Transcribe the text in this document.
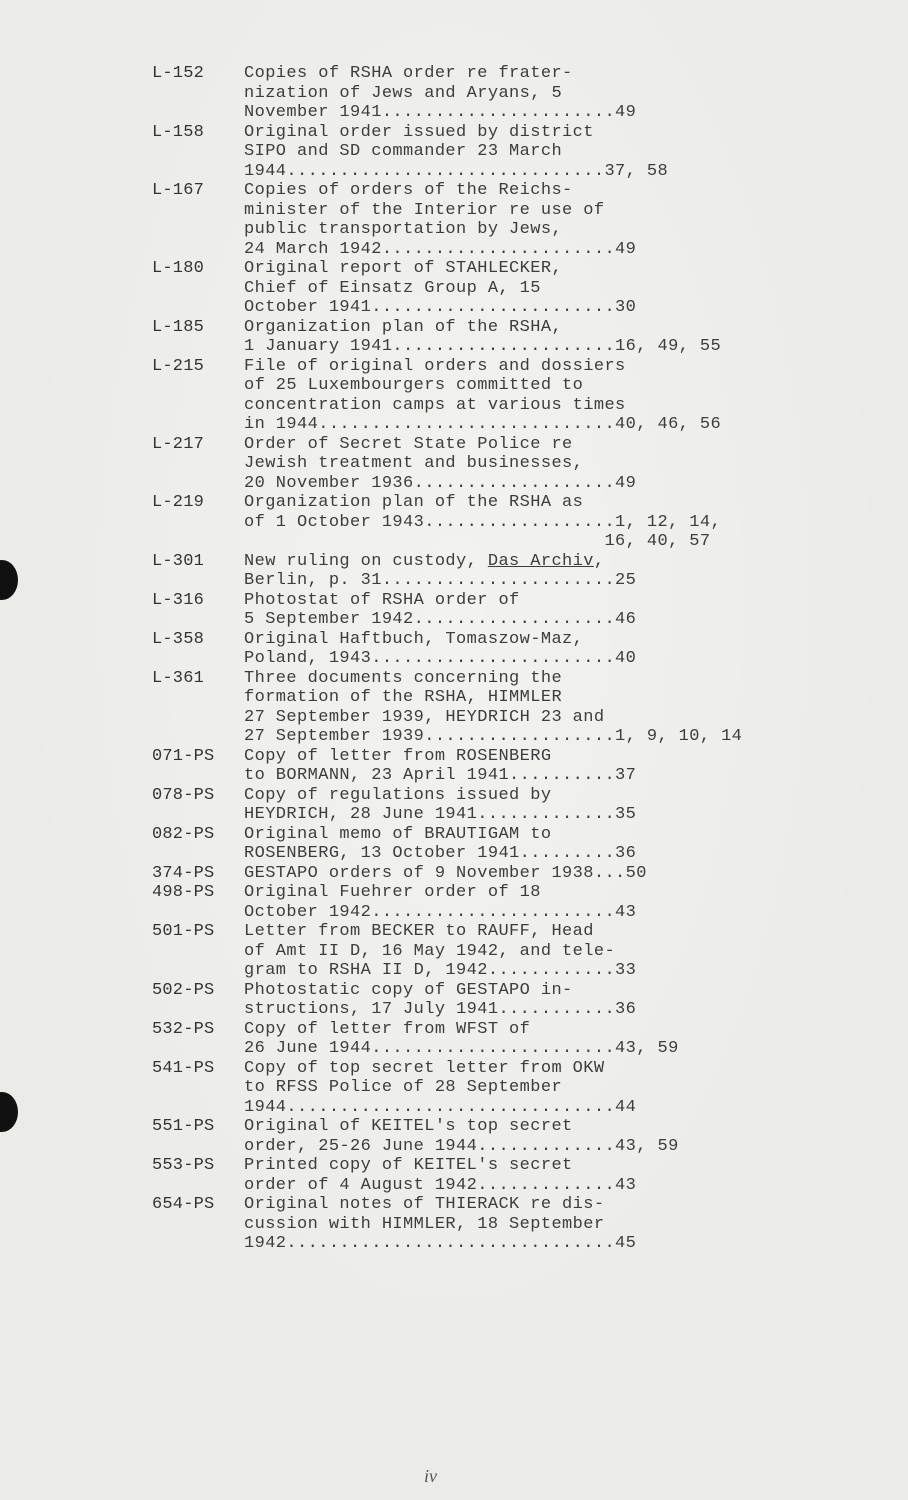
L-152	Copies of RSHA order re frater-
nization of Jews and Aryans, 5
November 1941......................49
L-158	Original order issued by district
SIPO and SD commander 23 March
1944..............................37, 58
L-167	Copies of orders of the Reichs-
minister of the Interior re use of
public transportation by Jews,
24 March 1942......................49
L-180	Original report of STAHLECKER,
Chief of Einsatz Group A, 15
October 1941.......................30
L-185	Organization plan of the RSHA,
1 January 1941.....................16, 49, 55
L-215	File of original orders and dossiers
of 25 Luxembourgers committed to
concentration camps at various times
in 1944............................40, 46, 56
L-217	Order of Secret State Police re
Jewish treatment and businesses,
20 November 1936...................49
L-219	Organization plan of the RSHA as
of 1 October 1943..................1, 12, 14,
16, 40, 57
L-301	New ruling on custody, Das Archiv,
Berlin, p. 31......................25
L-316	Photostat of RSHA order of
5 September 1942...................46
L-358	Original Haftbuch, Tomaszow-Maz,
Poland, 1943.......................40
L-361	Three documents concerning the
formation of the RSHA, HIMMLER
27 September 1939, HEYDRICH 23 and
27 September 1939..................1, 9, 10, 14
071-PS	Copy of letter from ROSENBERG
to BORMANN, 23 April 1941..........37
078-PS	Copy of regulations issued by
HEYDRICH, 28 June 1941.............35
082-PS	Original memo of BRAUTIGAM to
ROSENBERG, 13 October 1941.........36
374-PS	GESTAPO orders of 9 November 1938...50
498-PS	Original Fuehrer order of 18
October 1942.......................43
501-PS	Letter from BECKER to RAUFF, Head
of Amt II D, 16 May 1942, and tele-
gram to RSHA II D, 1942............33
502-PS	Photostatic copy of GESTAPO in-
structions, 17 July 1941...........36
532-PS	Copy of letter from WFST of
26 June 1944.......................43, 59
541-PS	Copy of top secret letter from OKW
to RFSS Police of 28 September
1944...............................44
551-PS	Original of KEITEL's top secret
order, 25-26 June 1944.............43, 59
553-PS	Printed copy of KEITEL's secret
order of 4 August 1942.............43
654-PS	Original notes of THIERACK re dis-
cussion with HIMMLER, 18 September
1942...............................45
iv
